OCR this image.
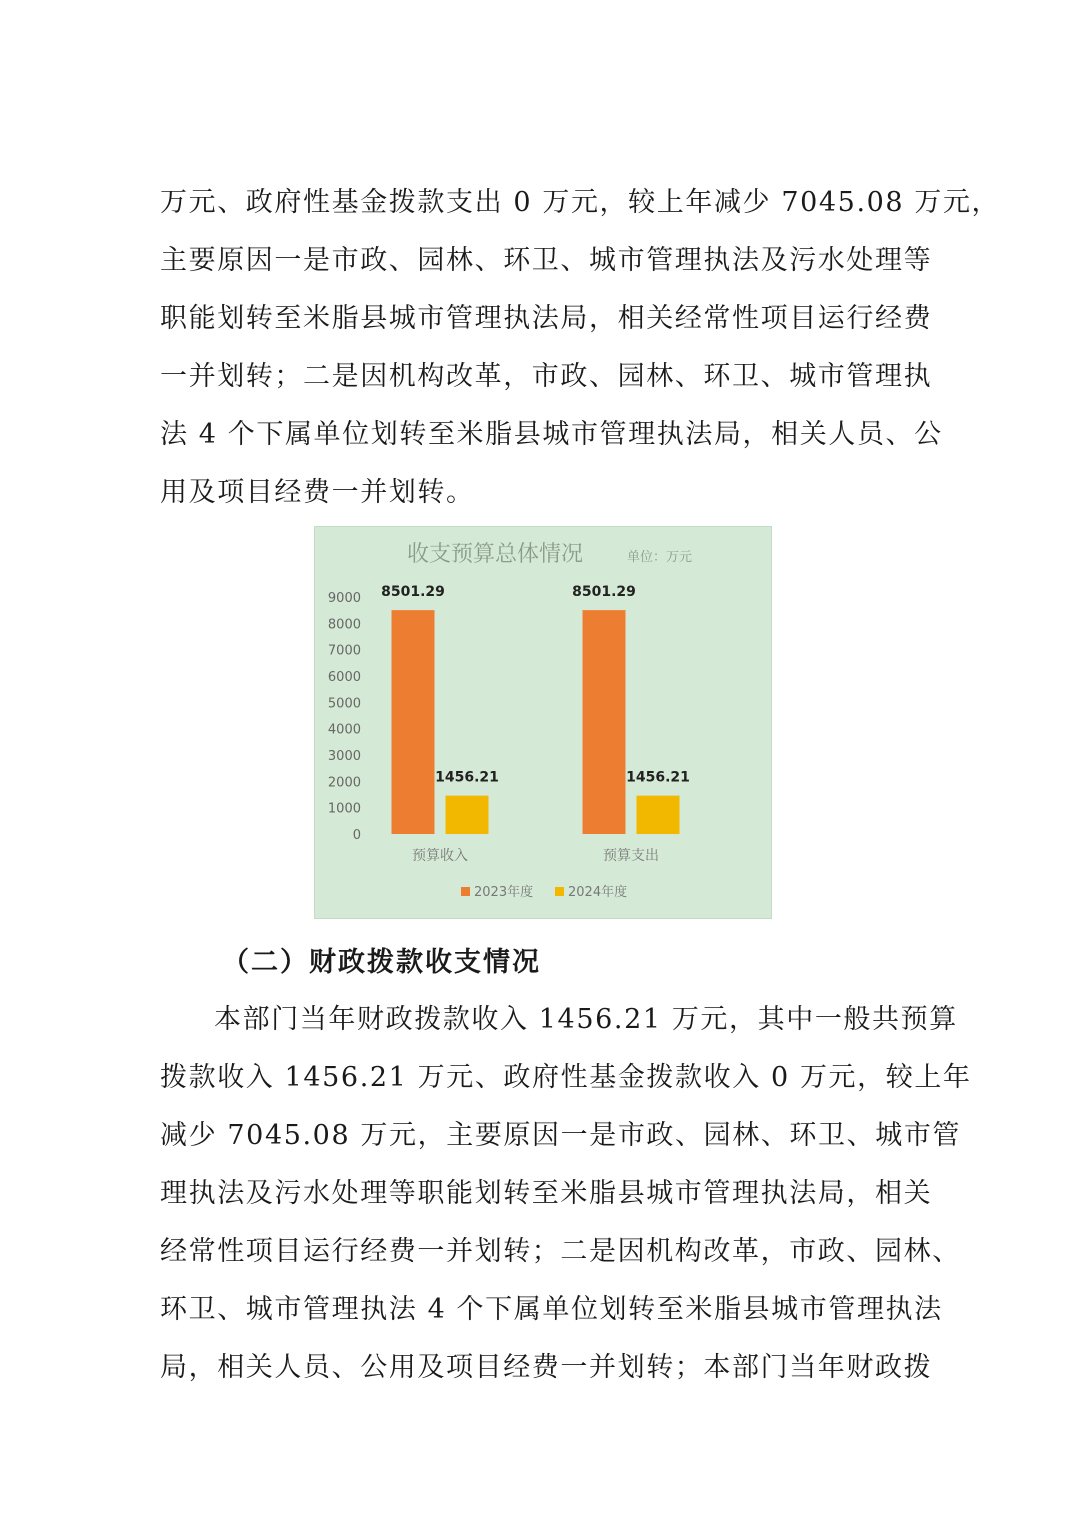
万元、政府性基金拨款支出 0 万元，较上年减少 7045.08 万元，
主要原因一是市政、园林、环卫、城市管理执法及污水处理等
职能划转至米脂县城市管理执法局，相关经常性项目运行经费
一并划转；二是因机构改革，市政、园林、环卫、城市管理执
法 4 个下属单位划转至米脂县城市管理执法局，相关人员、公
用及项目经费一并划转。
收支预算总体情况	单位：万元
0
1000
2000
3000
4000
5000
6000
7000
8000
9000 8501.29
1456.21
8501.29
1456.21
预算收入	预算支出
2023年度	2024年度
（二）财政拨款收支情况
本部门当年财政拨款收入 1456.21 万元，其中一般共预算
拨款收入 1456.21 万元、政府性基金拨款收入 0 万元，较上年
减少 7045.08 万元，主要原因一是市政、园林、环卫、城市管
理执法及污水处理等职能划转至米脂县城市管理执法局，相关
经常性项目运行经费一并划转；二是因机构改革，市政、园林、
环卫、城市管理执法 4 个下属单位划转至米脂县城市管理执法
局，相关人员、公用及项目经费一并划转；本部门当年财政拨
